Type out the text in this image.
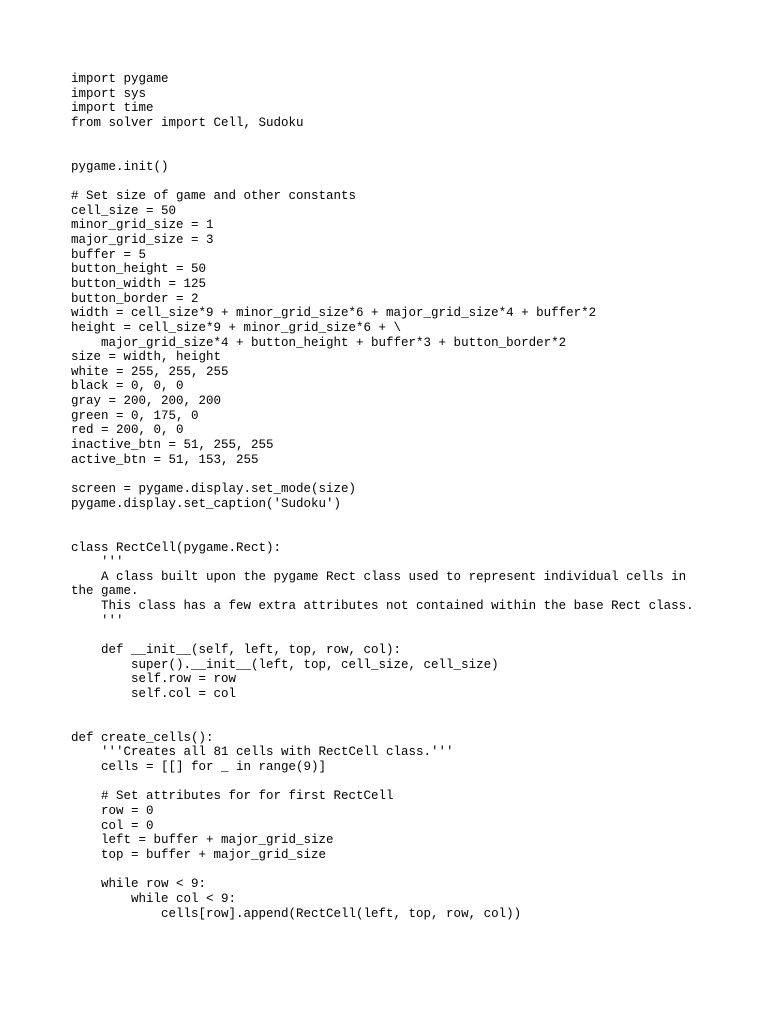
import pygame
import sys
import time
from solver import Cell, Sudoku
pygame.init()
# Set size of game and other constants
cell_size = 50
minor_grid_size = 1
major_grid_size = 3
buffer = 5
button_height = 50
button_width = 125
button_border = 2
width = cell_size*9 + minor_grid_size*6 + major_grid_size*4 + buffer*2
height = cell_size*9 + minor_grid_size*6 + \
major_grid_size*4 + button_height + buffer*3 + button_border*2
size = width, height
white = 255, 255, 255
black = 0, 0, 0
gray = 200, 200, 200
green = 0, 175, 0
red = 200, 0, 0
inactive_btn = 51, 255, 255
active_btn = 51, 153, 255
screen = pygame.display.set_mode(size)
pygame.display.set_caption('Sudoku')
class RectCell(pygame.Rect):
'''
A class built upon the pygame Rect class used to represent individual cells in
the game.
This class has a few extra attributes not contained within the base Rect class.
'''
def __init__(self, left, top, row, col):
super().__init__(left, top, cell_size, cell_size)
self.row = row
self.col = col
def create_cells():
'''Creates all 81 cells with RectCell class.'''
cells = [[] for _ in range(9)]
# Set attributes for for first RectCell
row = 0
col = 0
left = buffer + major_grid_size
top = buffer + major_grid_size
while row < 9:
while col < 9:
cells[row].append(RectCell(left, top, row, col))
